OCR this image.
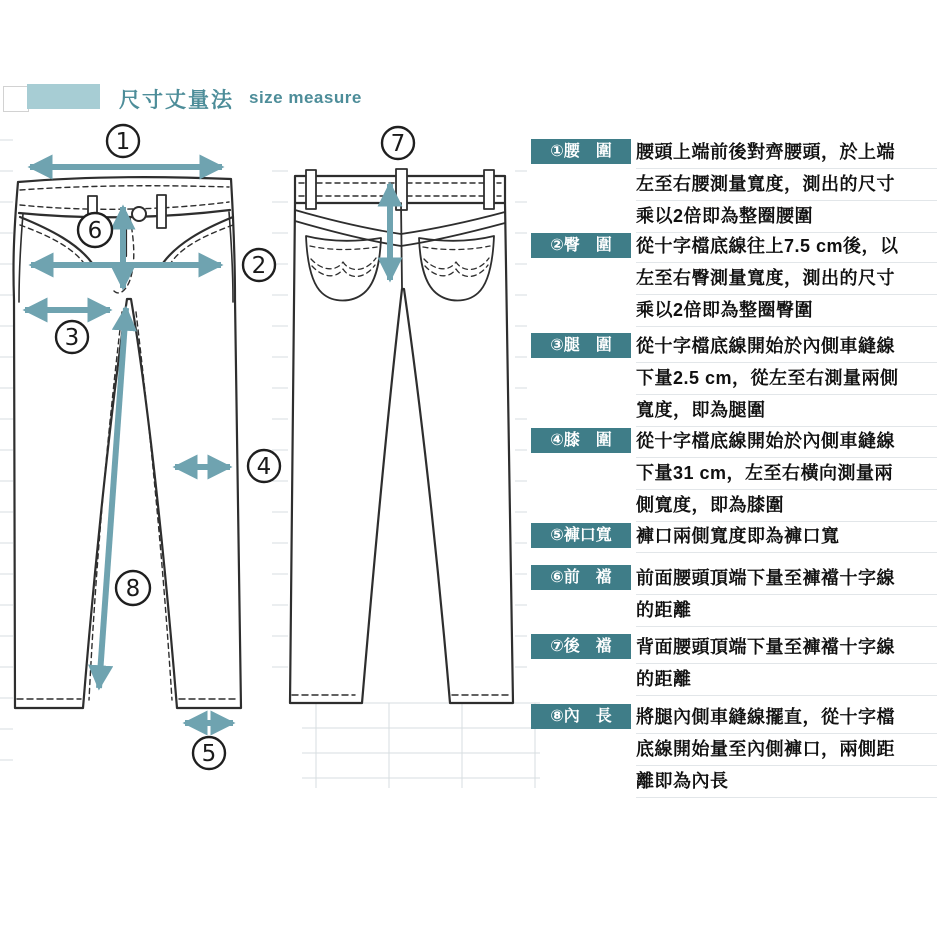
尺寸丈量法 size measure
1
2
3
4
5
6
7
8
①腰　圍	腰頭上端前後對齊腰頭，於上端
左至右腰測量寬度，測出的尺寸
乘以2倍即為整圈腰圍
②臀　圍	從十字檔底線往上7.5 cm後，以
左至右臀測量寬度，測出的尺寸
乘以2倍即為整圈臀圍
③腿　圍	從十字檔底線開始於內側車縫線
下量2.5 cm，從左至右測量兩側
寬度，即為腿圍
④膝　圍	從十字檔底線開始於內側車縫線
下量31 cm，左至右橫向測量兩
側寬度，即為膝圍
⑤褲口寬	褲口兩側寬度即為褲口寬
⑥前　襠	前面腰頭頂端下量至褲襠十字線
的距離
⑦後　襠	背面腰頭頂端下量至褲襠十字線
的距離
⑧內　長	將腿內側車縫線擺直，從十字檔
底線開始量至內側褲口，兩側距
離即為內長
